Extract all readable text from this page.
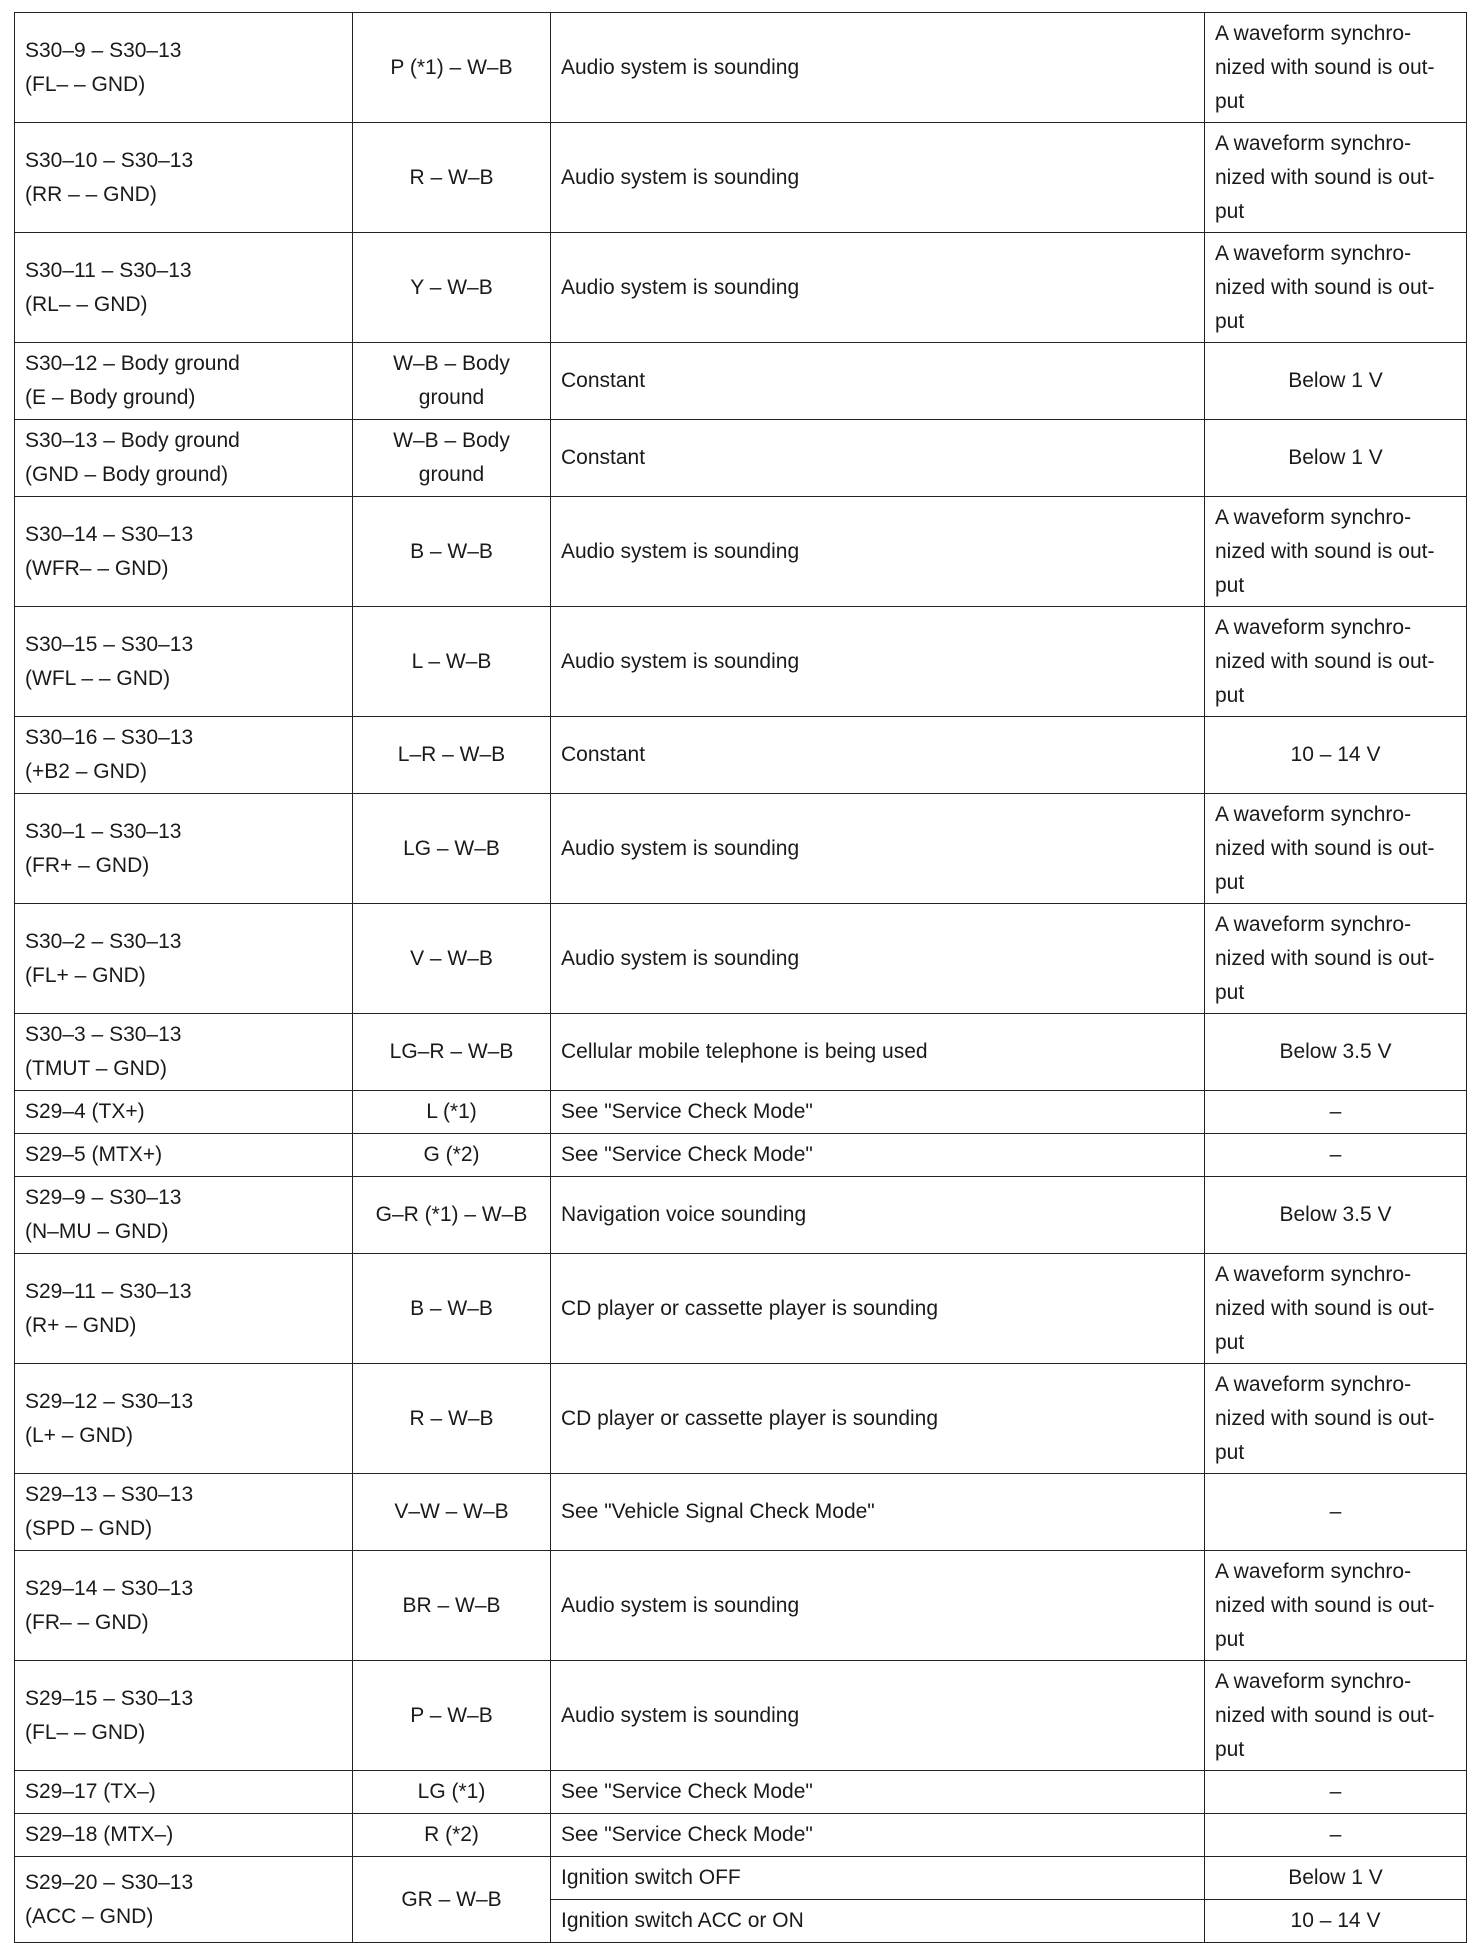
S30–9 – S30–13
(FL– – GND)	P (*1) – W–B	Audio system is sounding	A waveform synchro-
nized with sound is out-
put

S30–10 – S30–13
(RR – – GND)	R – W–B	Audio system is sounding	A waveform synchro-
nized with sound is out-
put

S30–11 – S30–13
(RL– – GND)	Y – W–B	Audio system is sounding	A waveform synchro-
nized with sound is out-
put

S30–12 – Body ground
(E – Body ground)	W–B – Body
ground	Constant	Below 1 V

S30–13 – Body ground
(GND – Body ground)	W–B – Body
ground	Constant	Below 1 V

S30–14 – S30–13
(WFR– – GND)	B – W–B	Audio system is sounding	A waveform synchro-
nized with sound is out-
put

S30–15 – S30–13
(WFL – – GND)	L – W–B	Audio system is sounding	A waveform synchro-
nized with sound is out-
put

S30–16 – S30–13
(+B2 – GND)	L–R – W–B	Constant	10 – 14 V

S30–1 – S30–13
(FR+ – GND)	LG – W–B	Audio system is sounding	A waveform synchro-
nized with sound is out-
put

S30–2 – S30–13
(FL+ – GND)	V – W–B	Audio system is sounding	A waveform synchro-
nized with sound is out-
put

S30–3 – S30–13
(TMUT – GND)	LG–R – W–B	Cellular mobile telephone is being used	Below 3.5 V

S29–4 (TX+)	L (*1)	See "Service Check Mode"	–

S29–5 (MTX+)	G (*2)	See "Service Check Mode"	–

S29–9 – S30–13
(N–MU – GND)	G–R (*1) – W–B	Navigation voice sounding	Below 3.5 V

S29–11 – S30–13
(R+ – GND)	B – W–B	CD player or cassette player is sounding	A waveform synchro-
nized with sound is out-
put

S29–12 – S30–13
(L+ – GND)	R – W–B	CD player or cassette player is sounding	A waveform synchro-
nized with sound is out-
put

S29–13 – S30–13
(SPD – GND)	V–W – W–B	See "Vehicle Signal Check Mode"	–

S29–14 – S30–13
(FR– – GND)	BR – W–B	Audio system is sounding	A waveform synchro-
nized with sound is out-
put

S29–15 – S30–13
(FL– – GND)	P – W–B	Audio system is sounding	A waveform synchro-
nized with sound is out-
put

S29–17 (TX–)	LG (*1)	See "Service Check Mode"	–

S29–18 (MTX–)	R (*2)	See "Service Check Mode"	–

S29–20 – S30–13
(ACC – GND)	GR – W–B	Ignition switch OFF	Below 1 V

		Ignition switch ACC or ON	10 – 14 V
